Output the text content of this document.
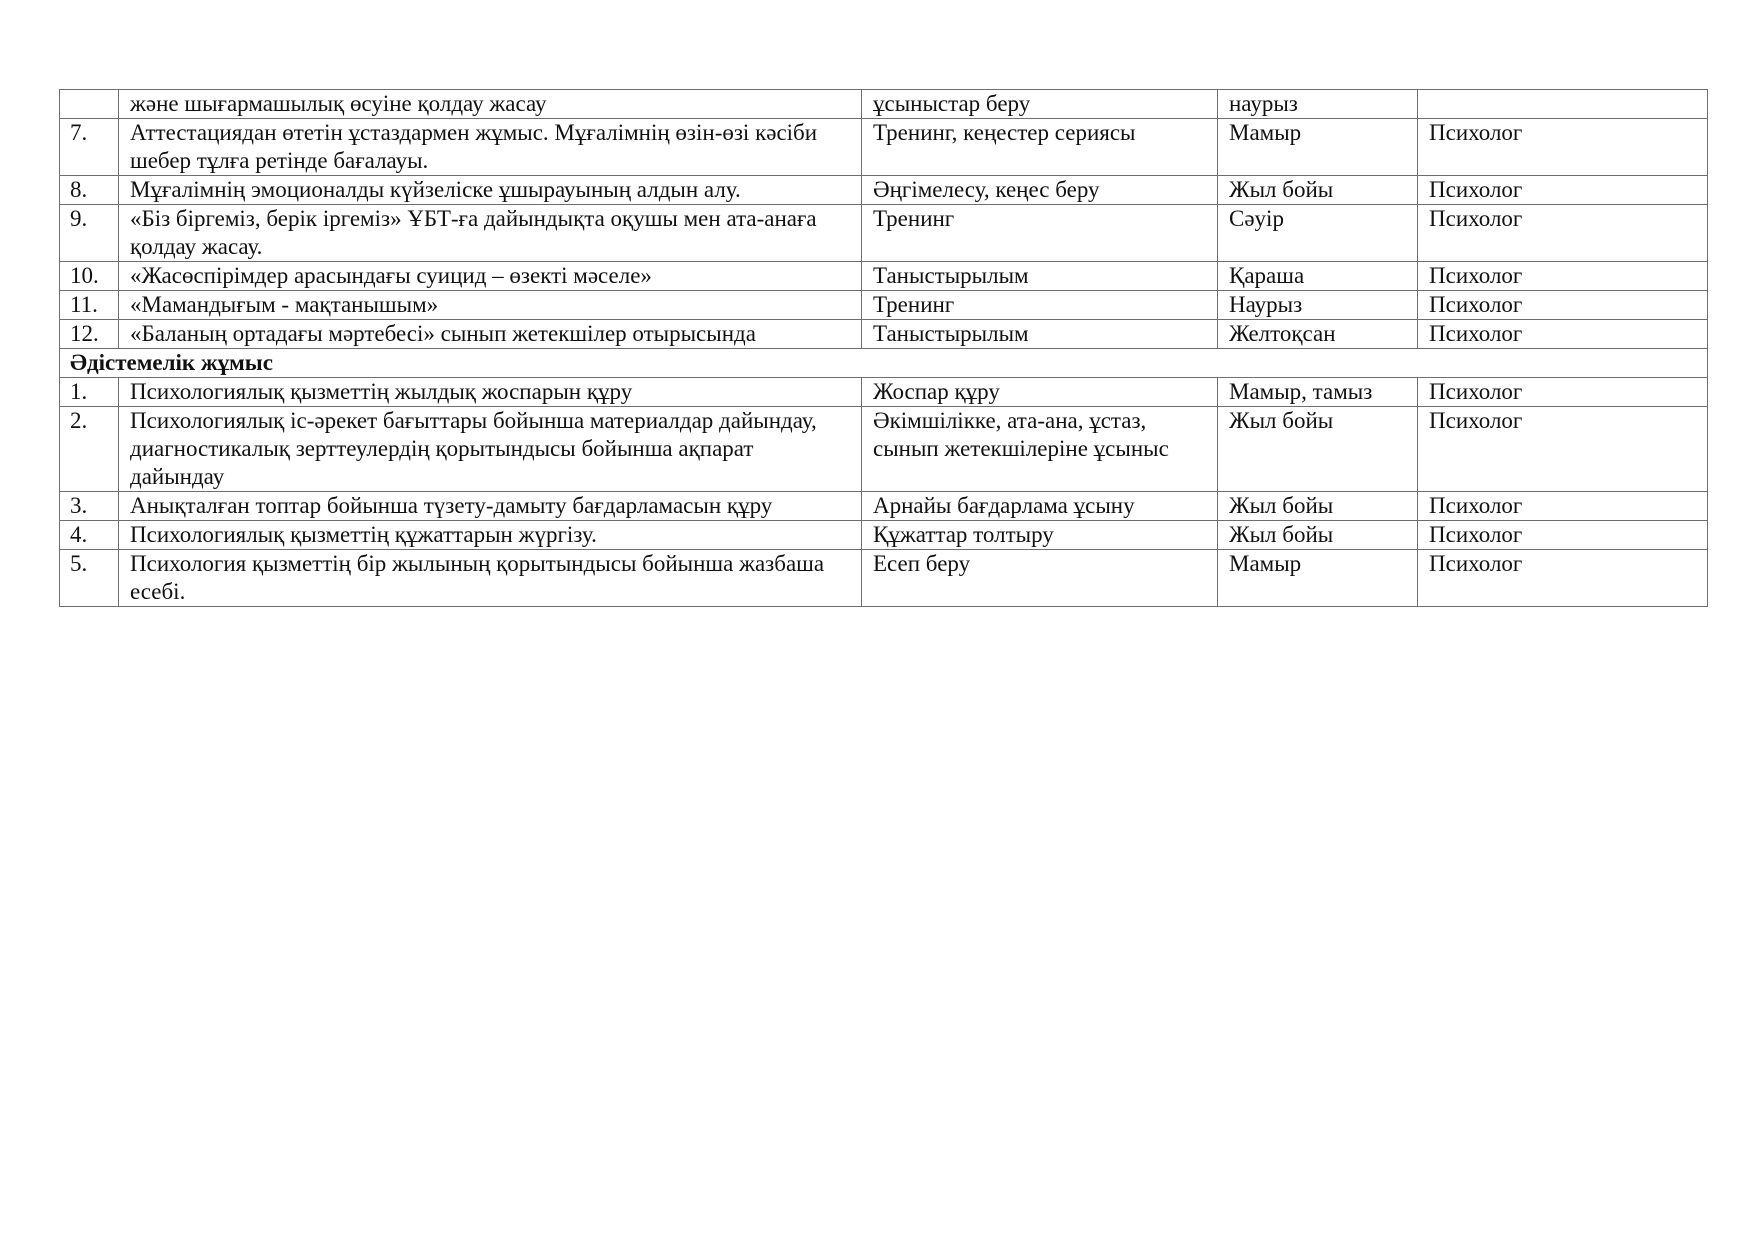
	және шығармашылық өсуіне қолдау жасау	ұсыныстар беру	наурыз	
7.	Аттестациядан өтетін ұстаздармен жұмыс. Мұғалімнің өзін-өзі кәсіби шебер тұлға ретінде бағалауы.	Тренинг, кеңестер сериясы	Мамыр	Психолог
8.	Мұғалімнің эмоционалды күйзеліске ұшырауының алдын алу.	Әңгімелесу, кеңес беру	Жыл бойы	Психолог
9.	«Біз біргеміз, берік іргеміз» ҰБТ-ға дайындықта оқушы мен ата-анаға қолдау жасау.	Тренинг	Сәуір	Психолог
10.	«Жасөспірімдер арасындағы суицид – өзекті мәселе»	Таныстырылым	Қараша	Психолог
11.	«Мамандығым - мақтанышым»	Тренинг	Наурыз	Психолог
12.	«Баланың ортадағы мәртебесі» сынып жетекшілер отырысында	Таныстырылым	Желтоқсан	Психолог
Әдістемелік жұмыс				
1.	Психологиялық қызметтің жылдық жоспарын құру	Жоспар құру	Мамыр, тамыз	Психолог
2.	Психологиялық іс-әрекет бағыттары бойынша материалдар дайындау, диагностикалық зерттеулердің қорытындысы бойынша ақпарат дайындау	Әкімшілікке, ата-ана, ұстаз, сынып жетекшілеріне ұсыныс	Жыл бойы	Психолог
3.	Анықталған топтар бойынша түзету-дамыту бағдарламасын құру	Арнайы бағдарлама ұсыну	Жыл бойы	Психолог
4.	Психологиялық қызметтің құжаттарын жүргізу.	Құжаттар толтыру	Жыл бойы	Психолог
5.	Психология қызметтің бір жылының қорытындысы бойынша жазбаша есебі.	Есеп беру	Мамыр	Психолог
